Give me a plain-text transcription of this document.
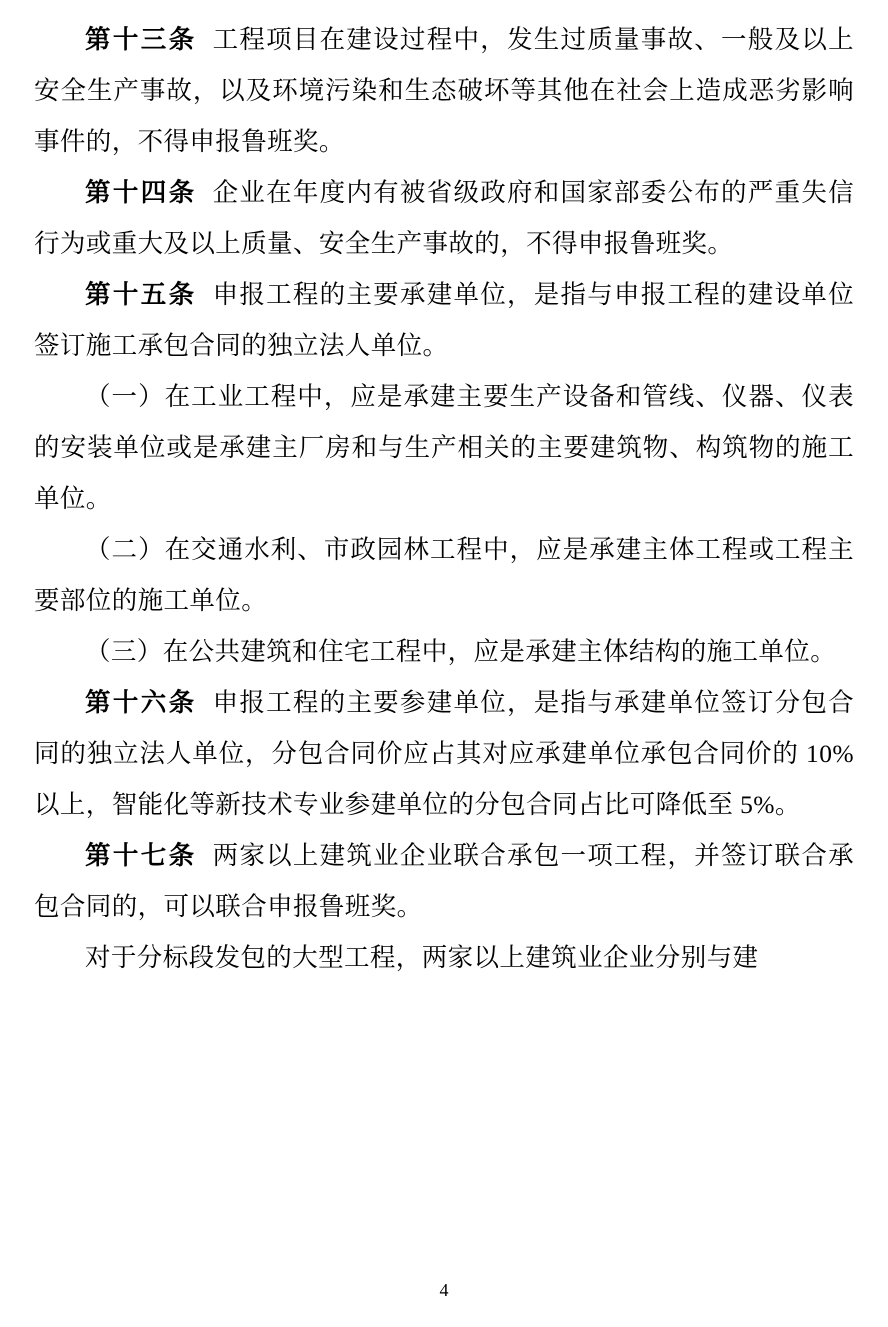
第十三条 工程项目在建设过程中，发生过质量事故、一般及以上安全生产事故，以及环境污染和生态破坏等其他在社会上造成恶劣影响事件的，不得申报鲁班奖。

第十四条 企业在年度内有被省级政府和国家部委公布的严重失信行为或重大及以上质量、安全生产事故的，不得申报鲁班奖。

第十五条 申报工程的主要承建单位，是指与申报工程的建设单位签订施工承包合同的独立法人单位。

（一）在工业工程中，应是承建主要生产设备和管线、仪器、仪表的安装单位或是承建主厂房和与生产相关的主要建筑物、构筑物的施工单位。

（二）在交通水利、市政园林工程中，应是承建主体工程或工程主要部位的施工单位。

（三）在公共建筑和住宅工程中，应是承建主体结构的施工单位。

第十六条 申报工程的主要参建单位，是指与承建单位签订分包合同的独立法人单位，分包合同价应占其对应承建单位承包合同价的 10%以上，智能化等新技术专业参建单位的分包合同占比可降低至 5%。

第十七条 两家以上建筑业企业联合承包一项工程，并签订联合承包合同的，可以联合申报鲁班奖。

对于分标段发包的大型工程，两家以上建筑业企业分别与建

4
